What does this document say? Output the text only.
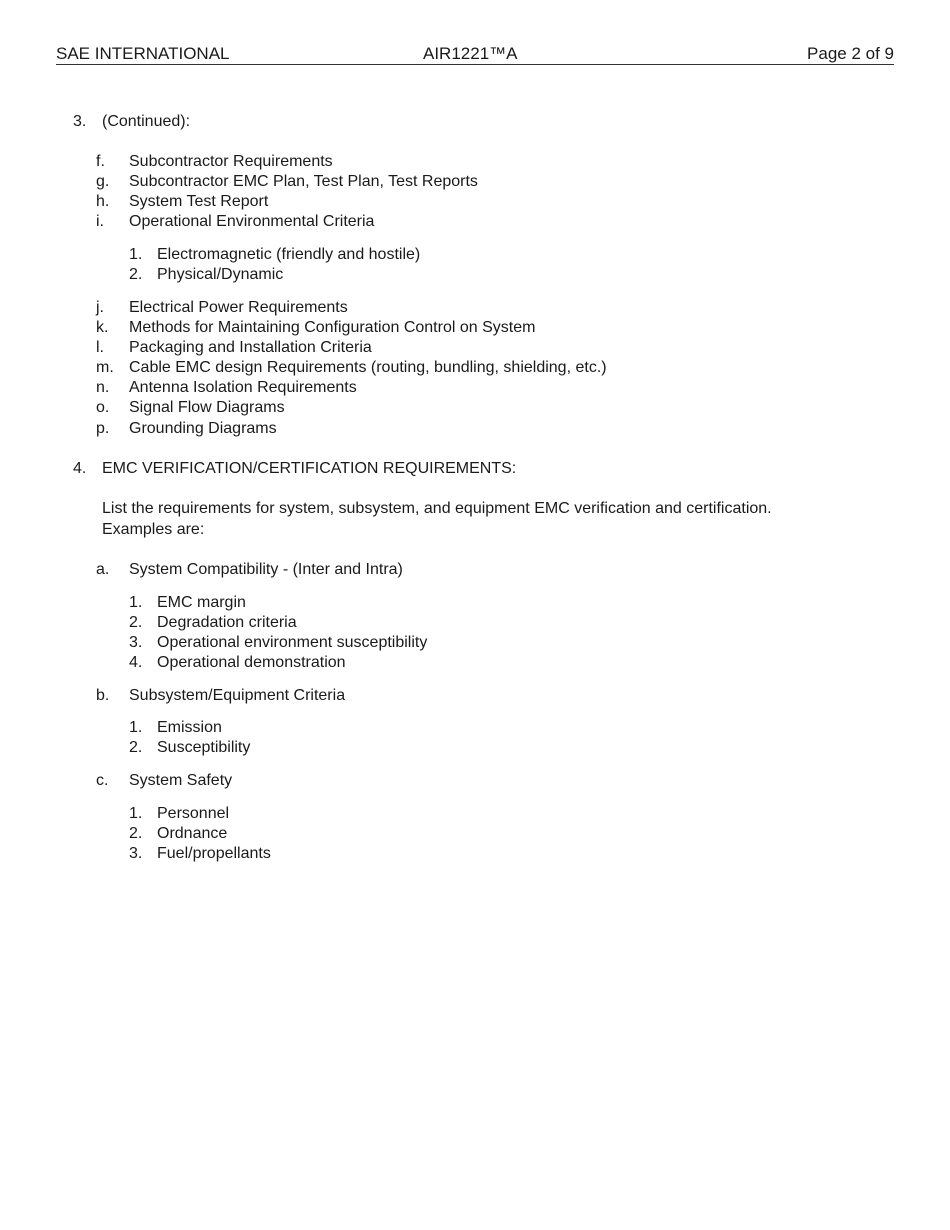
SAE INTERNATIONAL	AIR1221™A	Page 2 of 9
3. (Continued):
f. Subcontractor Requirements
g. Subcontractor EMC Plan, Test Plan, Test Reports
h. System Test Report
i. Operational Environmental Criteria
1. Electromagnetic (friendly and hostile)
2. Physical/Dynamic
j. Electrical Power Requirements
k. Methods for Maintaining Configuration Control on System
l. Packaging and Installation Criteria
m. Cable EMC design Requirements (routing, bundling, shielding, etc.)
n. Antenna Isolation Requirements
o. Signal Flow Diagrams
p. Grounding Diagrams
4. EMC VERIFICATION/CERTIFICATION REQUIREMENTS:
List the requirements for system, subsystem, and equipment EMC verification and certification.
Examples are:
a. System Compatibility - (Inter and Intra)
1. EMC margin
2. Degradation criteria
3. Operational environment susceptibility
4. Operational demonstration
b. Subsystem/Equipment Criteria
1. Emission
2. Susceptibility
c. System Safety
1. Personnel
2. Ordnance
3. Fuel/propellants
